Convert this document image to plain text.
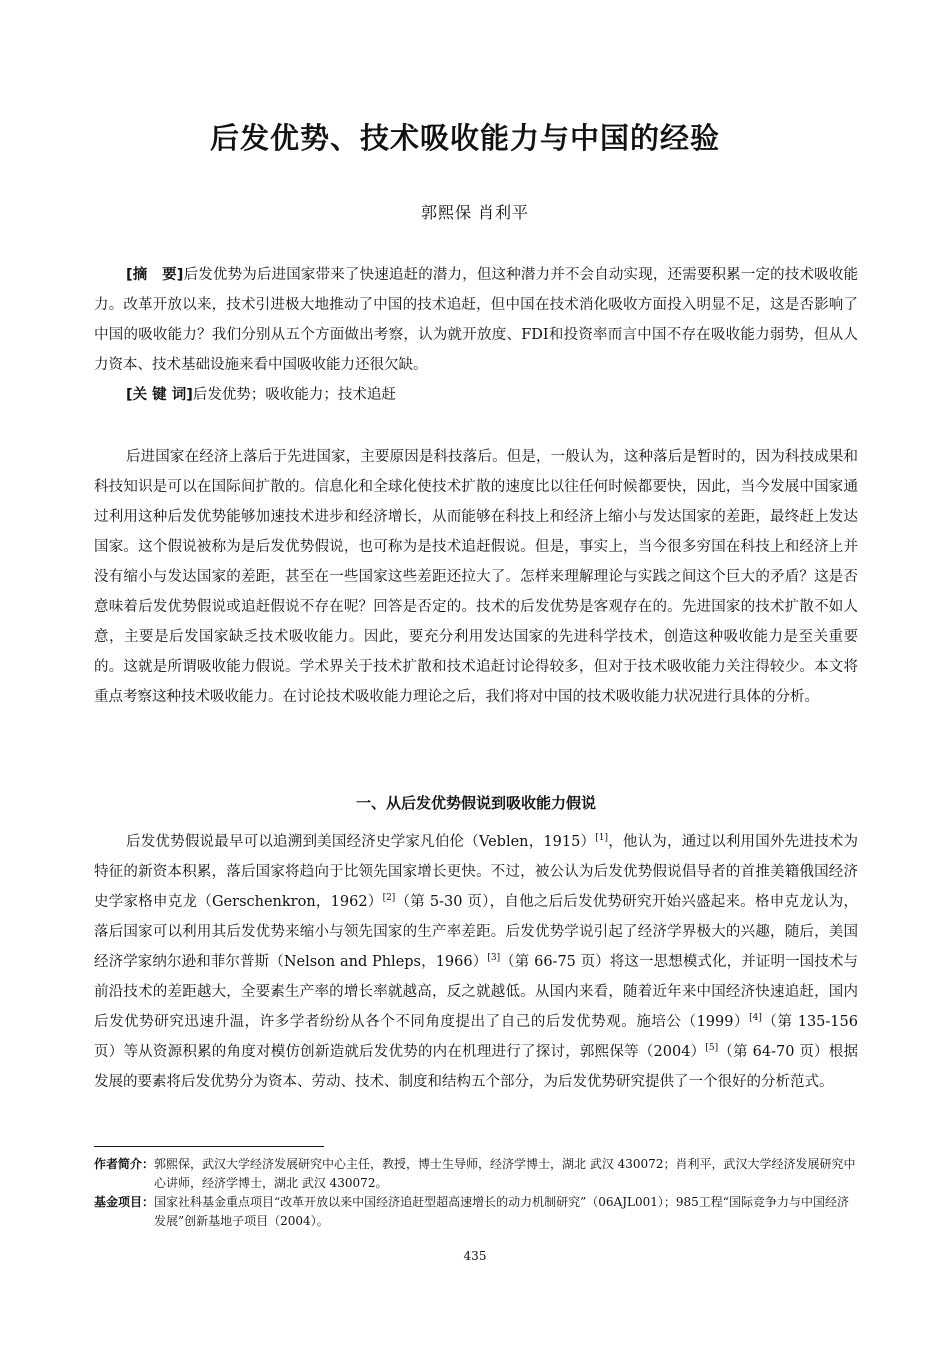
后发优势、技术吸收能力与中国的经验

郭熙保 肖利平

[摘　要]后发优势为后进国家带来了快速追赶的潜力，但这种潜力并不会自动实现，还需要积累一定的技术吸收能力。改革开放以来，技术引进极大地推动了中国的技术追赶，但中国在技术消化吸收方面投入明显不足，这是否影响了中国的吸收能力？我们分别从五个方面做出考察，认为就开放度、FDI和投资率而言中国不存在吸收能力弱势，但从人力资本、技术基础设施来看中国吸收能力还很欠缺。

[关 键 词]后发优势；吸收能力；技术追赶

后进国家在经济上落后于先进国家，主要原因是科技落后。但是，一般认为，这种落后是暂时的，因为科技成果和科技知识是可以在国际间扩散的。信息化和全球化使技术扩散的速度比以往任何时候都要快，因此，当今发展中国家通过利用这种后发优势能够加速技术进步和经济增长，从而能够在科技上和经济上缩小与发达国家的差距，最终赶上发达国家。这个假说被称为是后发优势假说，也可称为是技术追赶假说。但是，事实上，当今很多穷国在科技上和经济上并没有缩小与发达国家的差距，甚至在一些国家这些差距还拉大了。怎样来理解理论与实践之间这个巨大的矛盾？这是否意味着后发优势假说或追赶假说不存在呢？回答是否定的。技术的后发优势是客观存在的。先进国家的技术扩散不如人意，主要是后发国家缺乏技术吸收能力。因此，要充分利用发达国家的先进科学技术，创造这种吸收能力是至关重要的。这就是所谓吸收能力假说。学术界关于技术扩散和技术追赶讨论得较多，但对于技术吸收能力关注得较少。本文将重点考察这种技术吸收能力。在讨论技术吸收能力理论之后，我们将对中国的技术吸收能力状况进行具体的分析。

一、从后发优势假说到吸收能力假说

后发优势假说最早可以追溯到美国经济史学家凡伯伦（Veblen，1915）[1]，他认为，通过以利用国外先进技术为特征的新资本积累，落后国家将趋向于比领先国家增长更快。不过，被公认为后发优势假说倡导者的首推美籍俄国经济史学家格申克龙（Gerschenkron，1962）[2]（第 5-30 页），自他之后后发优势研究开始兴盛起来。格申克龙认为，落后国家可以利用其后发优势来缩小与领先国家的生产率差距。后发优势学说引起了经济学界极大的兴趣，随后，美国经济学家纳尔逊和菲尔普斯（Nelson and Phleps，1966）[3]（第 66-75 页）将这一思想模式化，并证明一国技术与前沿技术的差距越大，全要素生产率的增长率就越高，反之就越低。从国内来看，随着近年来中国经济快速追赶，国内后发优势研究迅速升温，许多学者纷纷从各个不同角度提出了自己的后发优势观。施培公（1999）[4]（第 135-156 页）等从资源积累的角度对模仿创新造就后发优势的内在机理进行了探讨，郭熙保等（2004）[5]（第 64-70 页）根据发展的要素将后发优势分为资本、劳动、技术、制度和结构五个部分，为后发优势研究提供了一个很好的分析范式。

作者简介： 郭熙保，武汉大学经济发展研究中心主任，教授，博士生导师，经济学博士，湖北 武汉 430072；肖利平，武汉大学经济发展研究中心讲师，经济学博士，湖北 武汉 430072。
基金项目： 国家社科基金重点项目“改革开放以来中国经济追赶型超高速增长的动力机制研究”（06AJL001）；985工程“国际竞争力与中国经济发展”创新基地子项目（2004）。

435
